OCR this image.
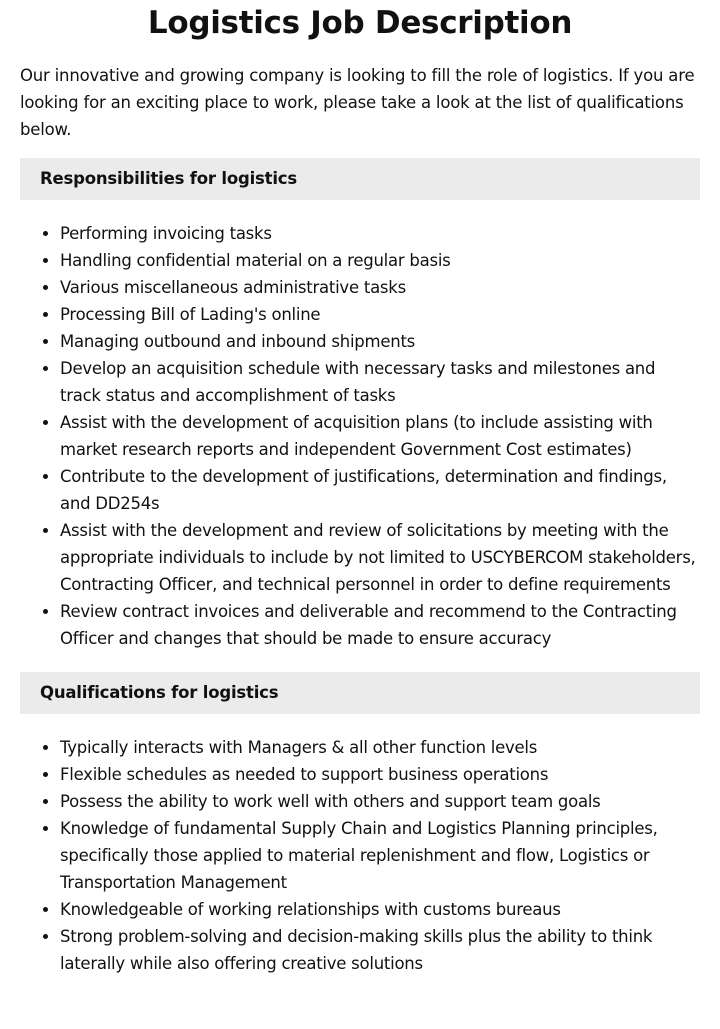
Logistics Job Description

Our innovative and growing company is looking to fill the role of logistics. If you are looking for an exciting place to work, please take a look at the list of qualifications below.

Responsibilities for logistics
• Performing invoicing tasks
• Handling confidential material on a regular basis
• Various miscellaneous administrative tasks
• Processing Bill of Lading's online
• Managing outbound and inbound shipments
• Develop an acquisition schedule with necessary tasks and milestones and track status and accomplishment of tasks
• Assist with the development of acquisition plans (to include assisting with market research reports and independent Government Cost estimates)
• Contribute to the development of justifications, determination and findings, and DD254s
• Assist with the development and review of solicitations by meeting with the appropriate individuals to include by not limited to USCYBERCOM stakeholders, Contracting Officer, and technical personnel in order to define requirements
• Review contract invoices and deliverable and recommend to the Contracting Officer and changes that should be made to ensure accuracy
Qualifications for logistics
• Typically interacts with Managers & all other function levels
• Flexible schedules as needed to support business operations
• Possess the ability to work well with others and support team goals
• Knowledge of fundamental Supply Chain and Logistics Planning principles, specifically those applied to material replenishment and flow, Logistics or Transportation Management
• Knowledgeable of working relationships with customs bureaus
• Strong problem-solving and decision-making skills plus the ability to think laterally while also offering creative solutions
